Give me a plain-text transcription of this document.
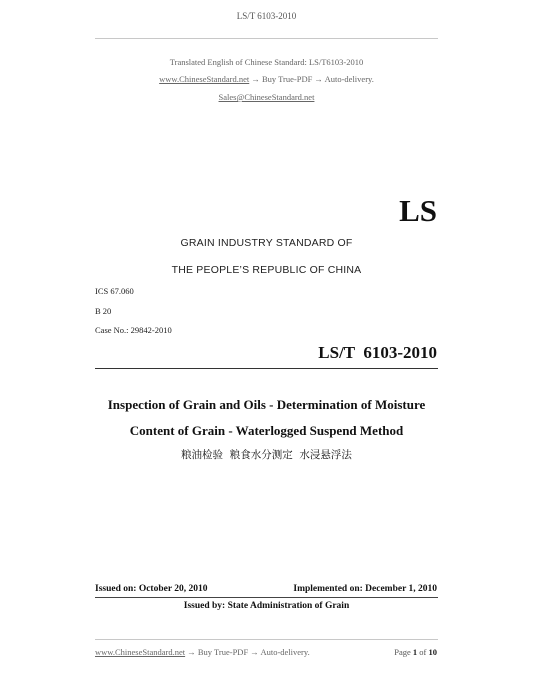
LS/T 6103-2010
Translated English of Chinese Standard: LS/T6103-2010
www.ChineseStandard.net → Buy True-PDF → Auto-delivery.
Sales@ChineseStandard.net
LS
GRAIN INDUSTRY STANDARD OF
THE PEOPLE’S REPUBLIC OF CHINA
ICS 67.060
B 20
Case No.: 29842-2010
LS/T  6103-2010
Inspection of Grain and Oils - Determination of Moisture
Content of Grain - Waterlogged Suspend Method
粮油检验  粮食水分测定  水浸悬浮法
Issued on: October 20, 2010	Implemented on: December 1, 2010
Issued by: State Administration of Grain
www.ChineseStandard.net → Buy True-PDF → Auto-delivery.	Page 1 of 10
